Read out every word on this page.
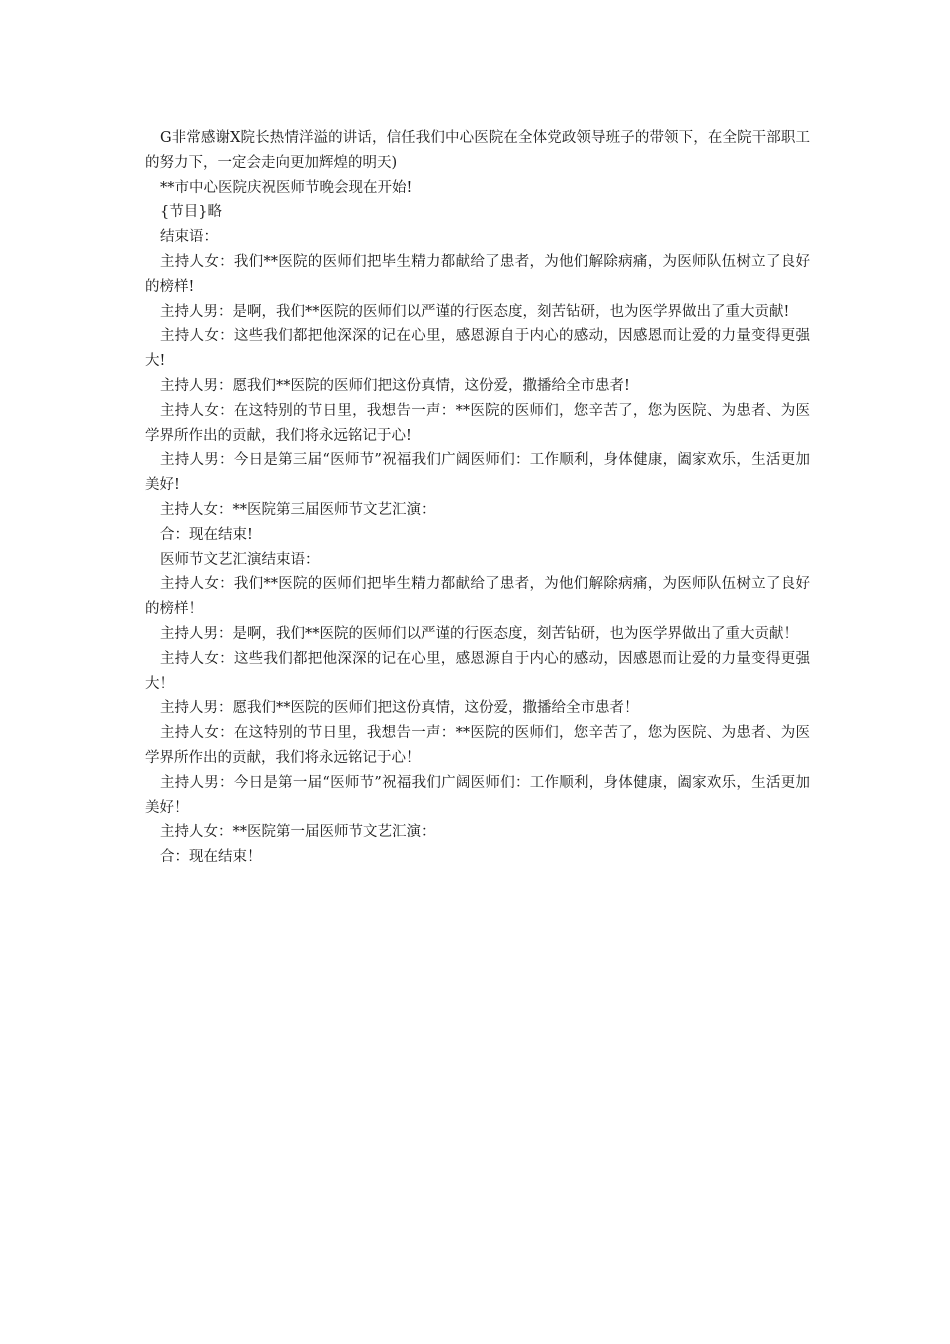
G非常感谢X院长热情洋溢的讲话，信任我们中心医院在全体党政领导班子的带领下，在全院干部职工的努力下，一定会走向更加辉煌的明天)

**市中心医院庆祝医师节晚会现在开始!

{节目}略

结束语：

主持人女：我们**医院的医师们把毕生精力都献给了患者，为他们解除病痛，为医师队伍树立了良好的榜样!

主持人男：是啊，我们**医院的医师们以严谨的行医态度，刻苦钻研，也为医学界做出了重大贡献!

主持人女：这些我们都把他深深的记在心里，感恩源自于内心的感动，因感恩而让爱的力量变得更强大!

主持人男：愿我们**医院的医师们把这份真情，这份爱，撒播给全市患者!

主持人女：在这特别的节日里，我想告一声：**医院的医师们，您辛苦了，您为医院、为患者、为医学界所作出的贡献，我们将永远铭记于心!

主持人男：今日是第三届“医师节”祝福我们广阔医师们：工作顺利，身体健康，阖家欢乐，生活更加美好!

主持人女：**医院第三届医师节文艺汇演：

合：现在结束!

医师节文艺汇演结束语：

主持人女：我们**医院的医师们把毕生精力都献给了患者，为他们解除病痛，为医师队伍树立了良好的榜样！

主持人男：是啊，我们**医院的医师们以严谨的行医态度，刻苦钻研，也为医学界做出了重大贡献！

主持人女：这些我们都把他深深的记在心里，感恩源自于内心的感动，因感恩而让爱的力量变得更强大！

主持人男：愿我们**医院的医师们把这份真情，这份爱，撒播给全市患者！

主持人女：在这特别的节日里，我想告一声：**医院的医师们，您辛苦了，您为医院、为患者、为医学界所作出的贡献，我们将永远铭记于心！

主持人男：今日是第一届“医师节”祝福我们广阔医师们：工作顺利，身体健康，阖家欢乐，生活更加美好！

主持人女：**医院第一届医师节文艺汇演：

合：现在结束！
